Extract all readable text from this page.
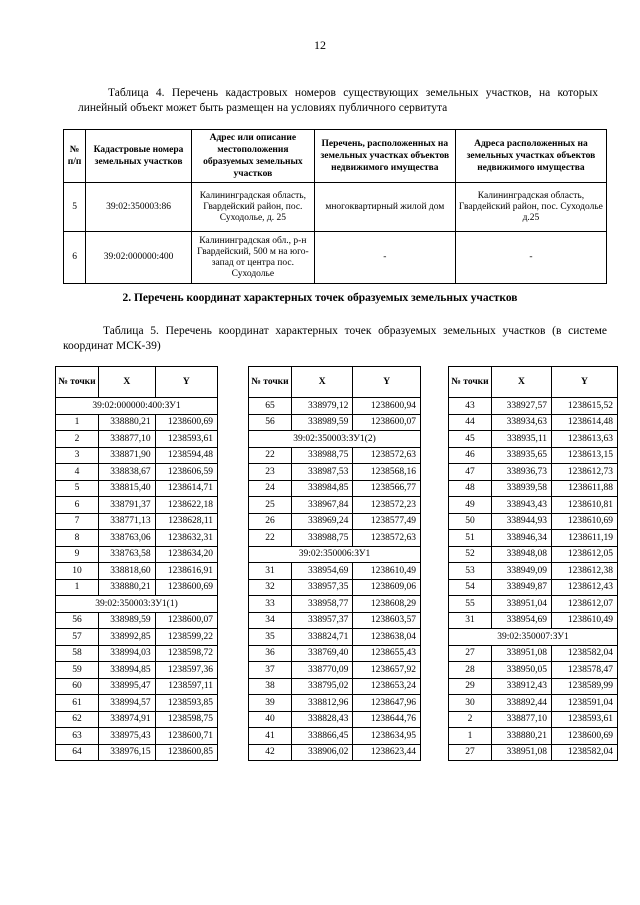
12
Таблица 4. Перечень кадастровых номеров существующих земельных участков, на которых линейный объект может быть размещен на условиях публичного сервитута
№ п/п	Кадастровые номера земельных участков	Адрес или описание местоположения образуемых земельных участков	Перечень, расположенных на земельных участках объектов недвижимого имущества	Адреса расположенных на земельных участках объектов недвижимого имущества
5	39:02:350003:86	Калининградская область, Гвардейский район, пос. Суходолье, д. 25	многоквартирный жилой дом	Калининградская область, Гвардейский район, пос. Суходолье д.25
6	39:02:000000:400	Калининградская обл., р-н Гвардейский, 500 м на юго-запад от центра пос. Суходолье	-	-
2. Перечень координат характерных точек образуемых земельных участков
Таблица 5. Перечень координат характерных точек образуемых земельных участков (в системе координат МСК-39)
№ точки	X	Y
39:02:000000:400:ЗУ1		
1	338880,21	1238600,69
2	338877,10	1238593,61
3	338871,90	1238594,48
4	338838,67	1238606,59
5	338815,40	1238614,71
6	338791,37	1238622,18
7	338771,13	1238628,11
8	338763,06	1238632,31
9	338763,58	1238634,20
10	338818,60	1238616,91
1	338880,21	1238600,69
39:02:350003:ЗУ1(1)		
56	338989,59	1238600,07
57	338992,85	1238599,22
58	338994,03	1238598,72
59	338994,85	1238597,36
60	338995,47	1238597,11
61	338994,57	1238593,85
62	338974,91	1238598,75
63	338975,43	1238600,71
64	338976,15	1238600,85
№ точки	X	Y
65	338979,12	1238600,94
56	338989,59	1238600,07
39:02:350003:ЗУ1(2)		
22	338988,75	1238572,63
23	338987,53	1238568,16
24	338984,85	1238566,77
25	338967,84	1238572,23
26	338969,24	1238577,49
22	338988,75	1238572,63
39:02:350006:ЗУ1		
31	338954,69	1238610,49
32	338957,35	1238609,06
33	338958,77	1238608,29
34	338957,37	1238603,57
35	338824,71	1238638,04
36	338769,40	1238655,43
37	338770,09	1238657,92
38	338795,02	1238653,24
39	338812,96	1238647,96
40	338828,43	1238644,76
41	338866,45	1238634,95
42	338906,02	1238623,44
№ точки	X	Y
43	338927,57	1238615,52
44	338934,63	1238614,48
45	338935,11	1238613,63
46	338935,65	1238613,15
47	338936,73	1238612,73
48	338939,58	1238611,88
49	338943,43	1238610,81
50	338944,93	1238610,69
51	338946,34	1238611,19
52	338948,08	1238612,05
53	338949,09	1238612,38
54	338949,87	1238612,43
55	338951,04	1238612,07
31	338954,69	1238610,49
39:02:350007:ЗУ1		
27	338951,08	1238582,04
28	338950,05	1238578,47
29	338912,43	1238589,99
30	338892,44	1238591,04
2	338877,10	1238593,61
1	338880,21	1238600,69
27	338951,08	1238582,04
